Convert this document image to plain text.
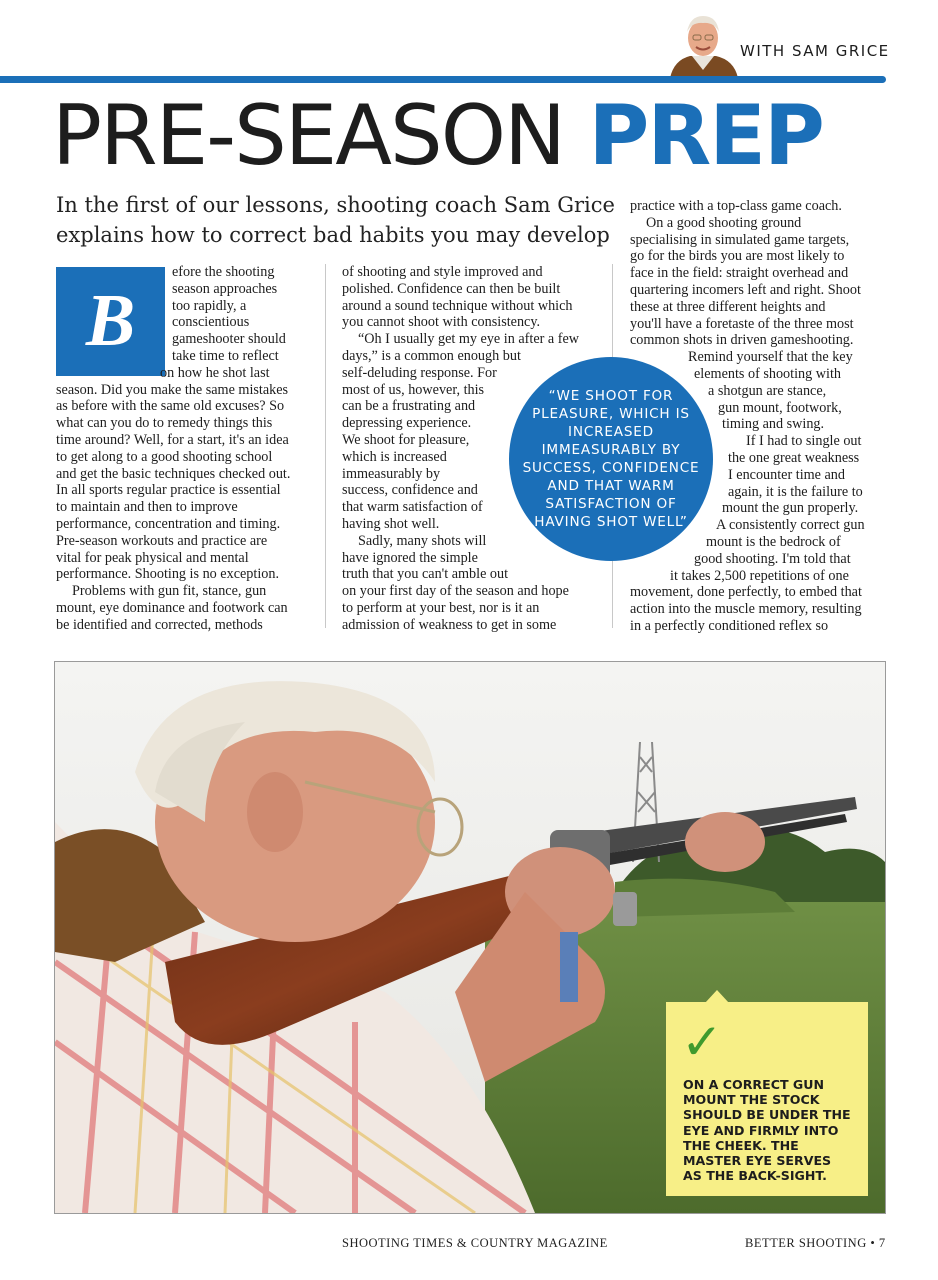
WITH SAM GRICE
PRE-SEASON PREP

In the first of our lessons, shooting coach Sam Grice

explains how to correct bad habits you may develop

B
efore the shooting
season approaches
too rapidly, a
conscientious
gameshooter should
take time to reflect
on how he shot last
season. Did you make the same mistakes
as before with the same old excuses? So
what can you do to remedy things this
time around? Well, for a start, it's an idea
to get along to a good shooting school
and get the basic techniques checked out.
In all sports regular practice is essential
to maintain and then to improve
performance, concentration and timing.
Pre-season workouts and practice are
vital for peak physical and mental
performance. Shooting is no exception.
Problems with gun fit, stance, gun
mount, eye dominance and footwork can
be identified and corrected, methods
of shooting and style improved and
polished. Confidence can then be built
around a sound technique without which
you cannot shoot with consistency.
“Oh I usually get my eye in after a few
days,” is a common enough but
self-deluding response. For
most of us, however, this
can be a frustrating and
depressing experience.
We shoot for pleasure,
which is increased
immeasurably by
success, confidence and
that warm satisfaction of
having shot well.
Sadly, many shots will
have ignored the simple
truth that you can't amble out
on your first day of the season and hope
to perform at your best, nor is it an
admission of weakness to get in some
practice with a top-class game coach.
On a good shooting ground
specialising in simulated game targets,
go for the birds you are most likely to
face in the field: straight overhead and
quartering incomers left and right. Shoot
these at three different heights and
you'll have a foretaste of the three most
common shots in driven gameshooting.
Remind yourself that the key
elements of shooting with
a shotgun are stance,
gun mount, footwork,
timing and swing.
If I had to single out
the one great weakness
I encounter time and
again, it is the failure to
mount the gun properly.
A consistently correct gun
mount is the bedrock of
good shooting. I'm told that
it takes 2,500 repetitions of one
movement, done perfectly, to embed that
action into the muscle memory, resulting
in a perfectly conditioned reflex so
“WE SHOOT FOR PLEASURE, WHICH IS INCREASED IMMEASURABLY BY SUCCESS, CONFIDENCE AND THAT WARM SATISFACTION OF HAVING SHOT WELL”
✓
ON A CORRECT GUN MOUNT THE STOCK SHOULD BE UNDER THE EYE AND FIRMLY INTO THE CHEEK. THE MASTER EYE SERVES AS THE BACK-SIGHT.
SHOOTING TIMES & COUNTRY MAGAZINE	BETTER SHOOTING • 7
